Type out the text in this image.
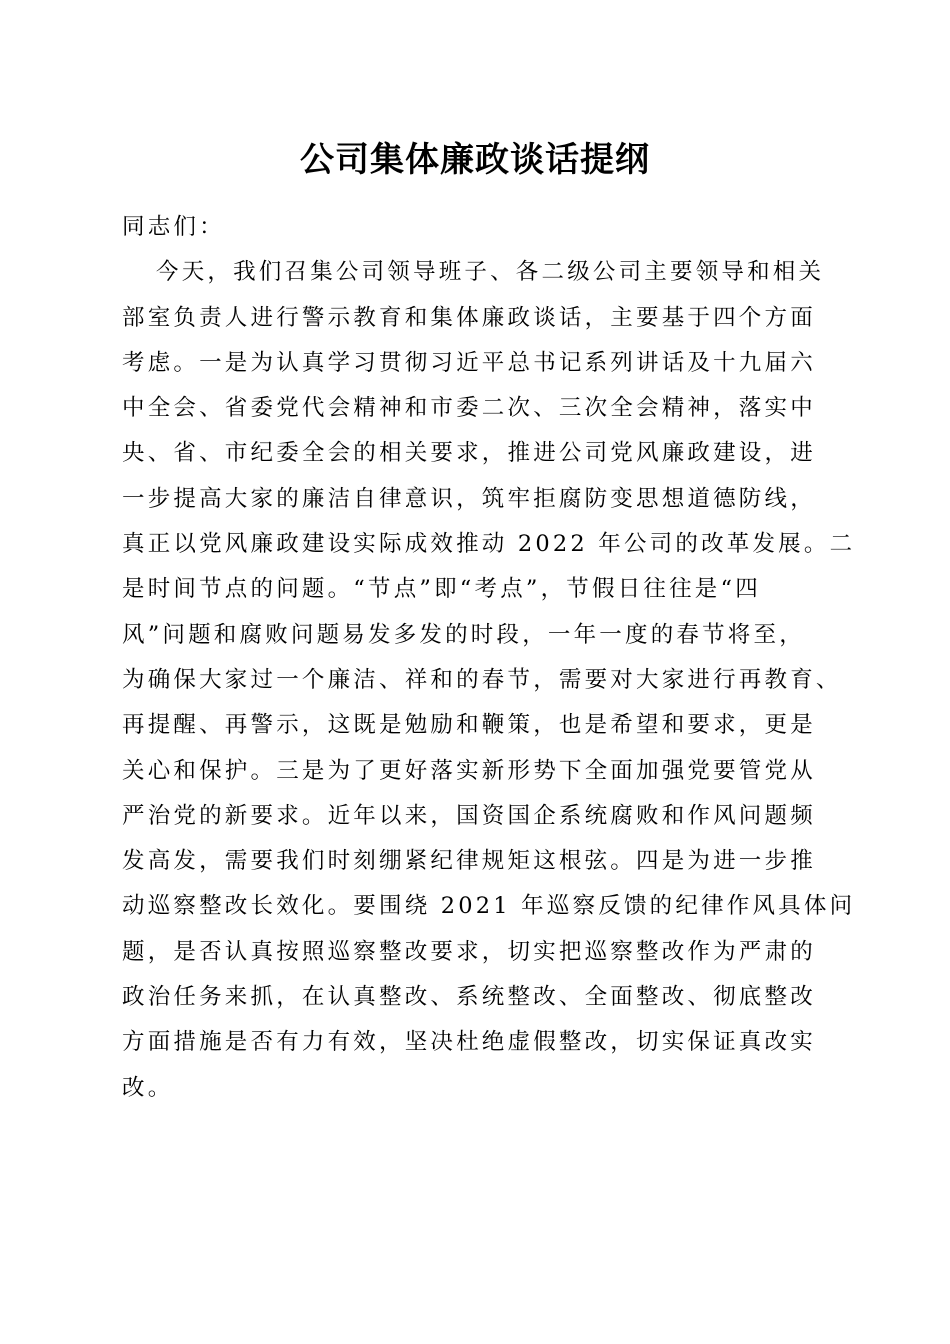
公司集体廉政谈话提纲
同志们：
今天，我们召集公司领导班子、各二级公司主要领导和相关
部室负责人进行警示教育和集体廉政谈话，主要基于四个方面
考虑。一是为认真学习贯彻习近平总书记系列讲话及十九届六
中全会、省委党代会精神和市委二次、三次全会精神，落实中
央、省、市纪委全会的相关要求，推进公司党风廉政建设，进
一步提高大家的廉洁自律意识，筑牢拒腐防变思想道德防线，
真正以党风廉政建设实际成效推动 2022 年公司的改革发展。二
是时间节点的问题。“节点”即“考点”，节假日往往是“四
风”问题和腐败问题易发多发的时段，一年一度的春节将至，
为确保大家过一个廉洁、祥和的春节，需要对大家进行再教育、
再提醒、再警示，这既是勉励和鞭策，也是希望和要求，更是
关心和保护。三是为了更好落实新形势下全面加强党要管党从
严治党的新要求。近年以来，国资国企系统腐败和作风问题频
发高发，需要我们时刻绷紧纪律规矩这根弦。四是为进一步推
动巡察整改长效化。要围绕 2021 年巡察反馈的纪律作风具体问
题，是否认真按照巡察整改要求，切实把巡察整改作为严肃的
政治任务来抓，在认真整改、系统整改、全面整改、彻底整改
方面措施是否有力有效，坚决杜绝虚假整改，切实保证真改实
改。
